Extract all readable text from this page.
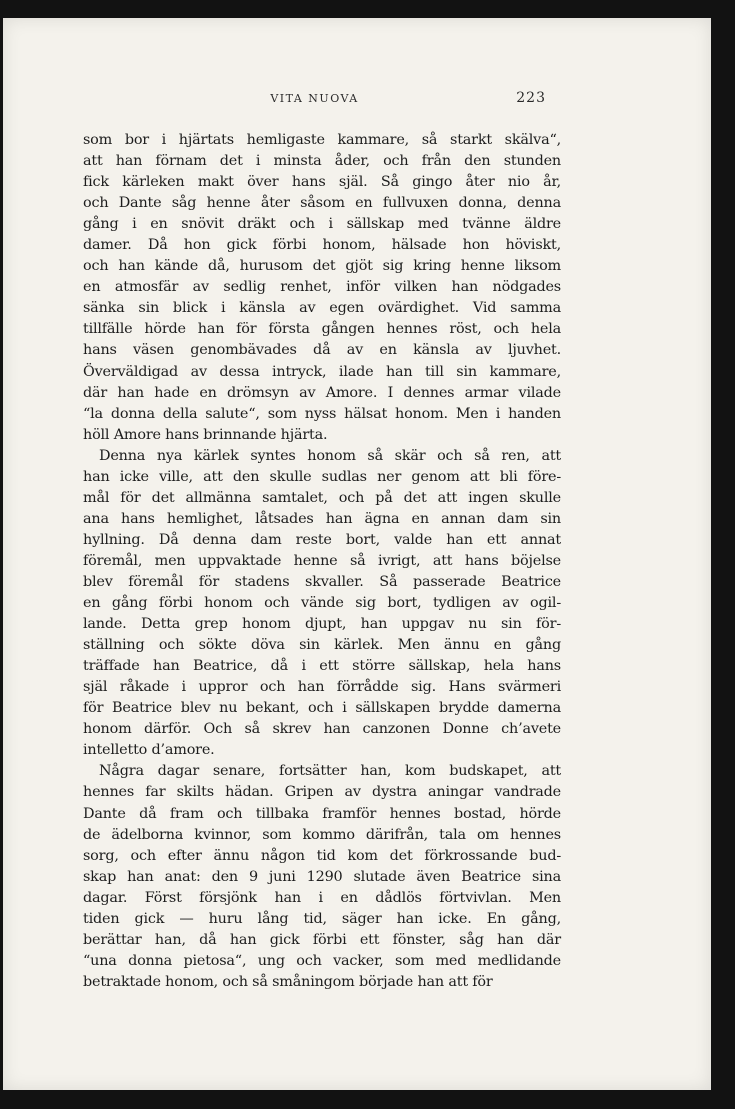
VITA NUOVA	223
som bor i hjärtats hemligaste kammare, så starkt skälva“,
att han förnam det i minsta åder, och från den stunden
fick kärleken makt över hans själ. Så gingo åter nio år,
och Dante såg henne åter såsom en fullvuxen donna, denna
gång i en snövit dräkt och i sällskap med tvänne äldre
damer. Då hon gick förbi honom, hälsade hon höviskt,
och han kände då, hurusom det gjöt sig kring henne liksom
en atmosfär av sedlig renhet, inför vilken han nödgades
sänka sin blick i känsla av egen ovärdighet. Vid samma
tillfälle hörde han för första gången hennes röst, och hela
hans väsen genombävades då av en känsla av ljuvhet.
Överväldigad av dessa intryck, ilade han till sin kammare,
där han hade en drömsyn av Amore. I dennes armar vilade
“la donna della salute“, som nyss hälsat honom. Men i handen
höll Amore hans brinnande hjärta.
Denna nya kärlek syntes honom så skär och så ren, att
han icke ville, att den skulle sudlas ner genom att bli före-
mål för det allmänna samtalet, och på det att ingen skulle
ana hans hemlighet, låtsades han ägna en annan dam sin
hyllning. Då denna dam reste bort, valde han ett annat
föremål, men uppvaktade henne så ivrigt, att hans böjelse
blev föremål för stadens skvaller. Så passerade Beatrice
en gång förbi honom och vände sig bort, tydligen av ogil-
lande. Detta grep honom djupt, han uppgav nu sin för-
ställning och sökte döva sin kärlek. Men ännu en gång
träffade han Beatrice, då i ett större sällskap, hela hans
själ råkade i uppror och han förrådde sig. Hans svärmeri
för Beatrice blev nu bekant, och i sällskapen brydde damerna
honom därför. Och så skrev han canzonen Donne ch’avete
intelletto d’amore.
Några dagar senare, fortsätter han, kom budskapet, att
hennes far skilts hädan. Gripen av dystra aningar vandrade
Dante då fram och tillbaka framför hennes bostad, hörde
de ädelborna kvinnor, som kommo därifrån, tala om hennes
sorg, och efter ännu någon tid kom det förkrossande bud-
skap han anat: den 9 juni 1290 slutade även Beatrice sina
dagar. Först försjönk han i en dådlös förtvivlan. Men
tiden gick — huru lång tid, säger han icke. En gång,
berättar han, då han gick förbi ett fönster, såg han där
“una donna pietosa“, ung och vacker, som med medlidande
betraktade honom, och så småningom började han att för
